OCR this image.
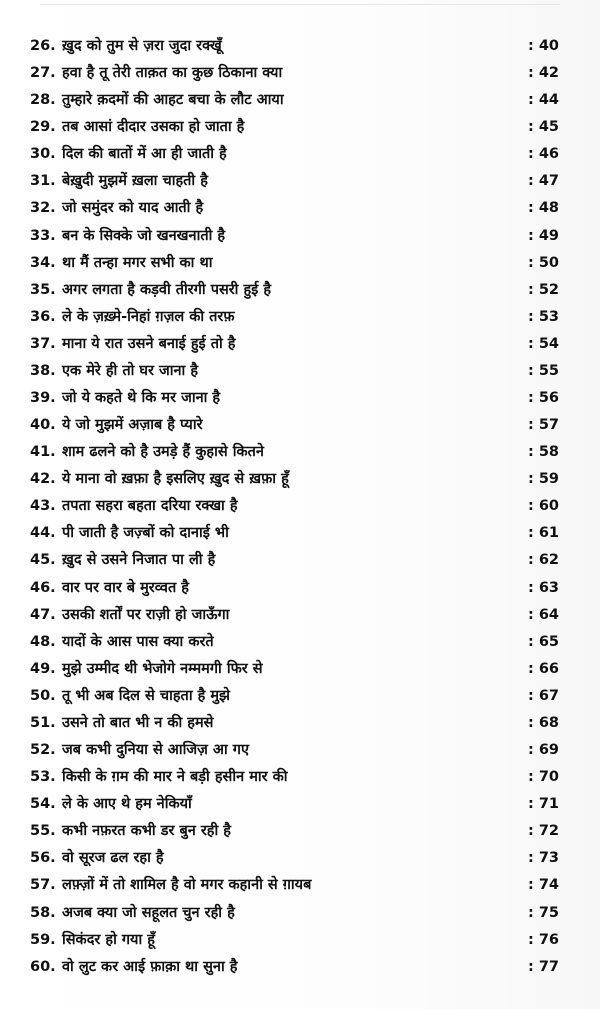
26. ख़ुद को तुम से ज़रा जुदा रक्खूँ	: 40
27. हवा है तू तेरी ताक़त का कुछ ठिकाना क्या	: 42
28. तुम्हारे क़दमों की आहट बचा के लौट आया	: 44
29. तब आसां दीदार उसका हो जाता है	: 45
30. दिल की बातों में आ ही जाती है	: 46
31. बेख़ुदी मुझमें ख़ला चाहती है	: 47
32. जो समुंदर को याद आती है	: 48
33. बन के सिक्के जो खनखनाती है	: 49
34. था मैं तन्हा मगर सभी का था	: 50
35. अगर लगता है कड़वी तीरगी पसरी हुई है	: 52
36. ले के ज़ख़्मे-निहां ग़ज़ल की तरफ़	: 53
37. माना ये रात उसने बनाई हुई तो है	: 54
38. एक मेरे ही तो घर जाना है	: 55
39. जो ये कहते थे कि मर जाना है	: 56
40. ये जो मुझमें अज़ाब है प्यारे	: 57
41. शाम ढलने को है उमड़े हैं कुहासे कितने	: 58
42. ये माना वो ख़फ़ा है इसलिए ख़ुद से ख़फ़ा हूँ	: 59
43. तपता सहरा बहता दरिया रक्खा है	: 60
44. पी जाती है जज़्बों को दानाई भी	: 61
45. ख़ुद से उसने निजात पा ली है	: 62
46. वार पर वार बे मुरव्वत है	: 63
47. उसकी शर्तों पर राज़ी हो जाऊँगा	: 64
48. यादों के आस पास क्या करते	: 65
49. मुझे उम्मीद थी भेजोगे नम्ममगी फिर से	: 66
50. तू भी अब दिल से चाहता है मुझे	: 67
51. उसने तो बात भी न की हमसे	: 68
52. जब कभी दुनिया से आजिज़ आ गए	: 69
53. किसी के ग़म की मार ने बड़ी हसीन मार की	: 70
54. ले के आए थे हम नेकियाँ	: 71
55. कभी नफ़रत कभी डर बुन रही है	: 72
56. वो सूरज ढल रहा है	: 73
57. लफ़्ज़ों में तो शामिल है वो मगर कहानी से ग़ायब	: 74
58. अजब क्या जो सहूलत चुन रही है	: 75
59. सिकंदर हो गया हूँ	: 76
60. वो लुट कर आई फ़ाक़ा था सुना है	: 77
